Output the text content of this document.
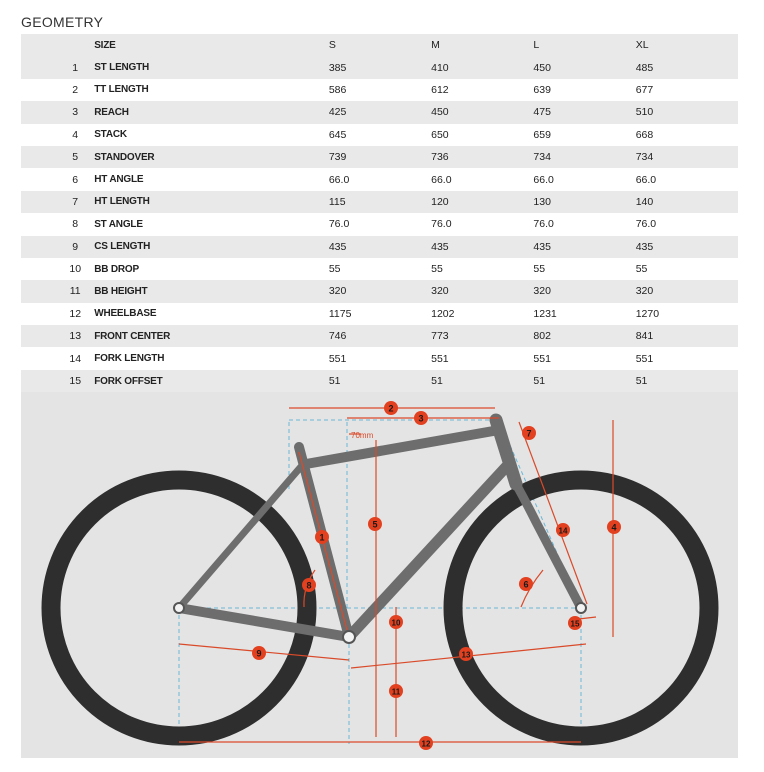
GEOMETRY
	SIZE	S	M	L	XL
1	ST LENGTH	385	410	450	485
2	TT LENGTH	586	612	639	677
3	REACH	425	450	475	510
4	STACK	645	650	659	668
5	STANDOVER	739	736	734	734
6	HT ANGLE	66.0	66.0	66.0	66.0
7	HT LENGTH	115	120	130	140
8	ST ANGLE	76.0	76.0	76.0	76.0
9	CS LENGTH	435	435	435	435
10	BB DROP	55	55	55	55
11	BB HEIGHT	320	320	320	320
12	WHEELBASE	1175	1202	1231	1270
13	FRONT CENTER	746	773	802	841
14	FORK LENGTH	551	551	551	551
15	FORK OFFSET	51	51	51	51
70mm
1
2
3
4
5
6
7
8
9
10
11
12
13
14
15
